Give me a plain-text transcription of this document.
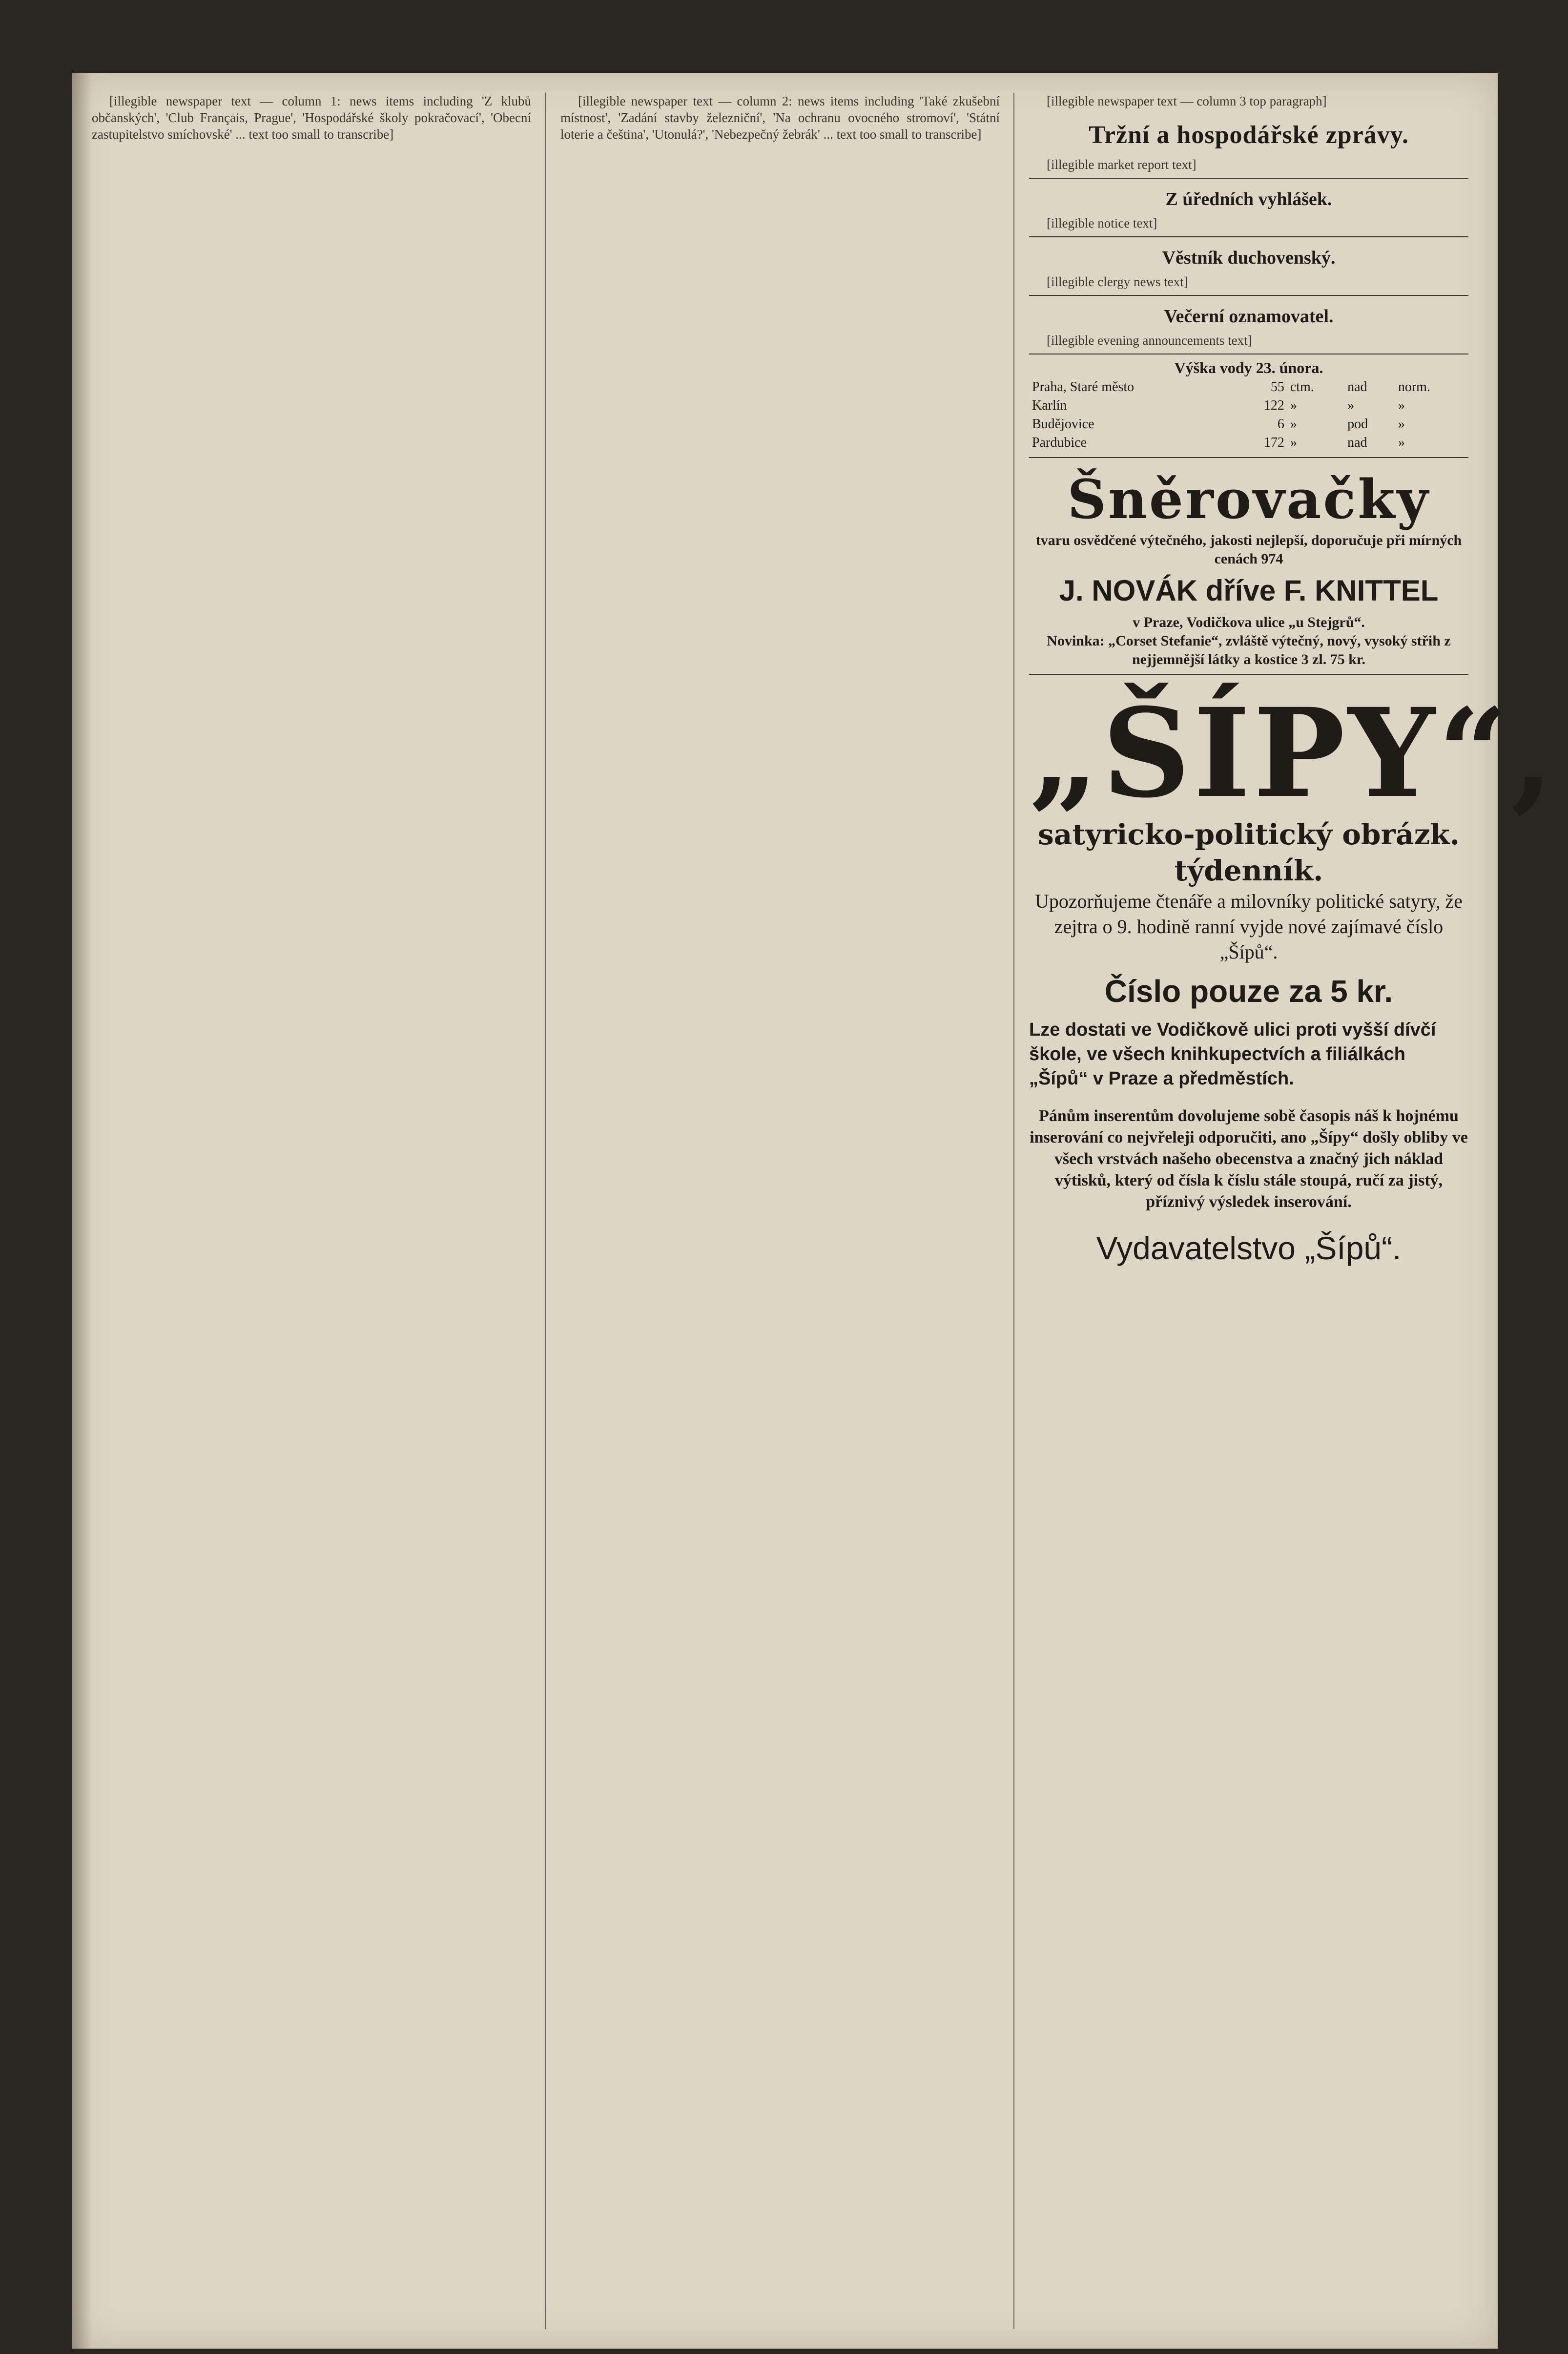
[illegible newspaper text — column 1: news items including 'Z klubů občanských', 'Club Français, Prague', 'Hospodářské školy pokračovací', 'Obecní zastupitelstvo smíchovské' ... text too small to transcribe]

[illegible newspaper text — column 2: news items including 'Také zkušební místnost', 'Zadání stavby železniční', 'Na ochranu ovocného stromoví', 'Státní loterie a čeština', 'Utonulá?', 'Nebezpečný žebrák' ... text too small to transcribe]

[illegible newspaper text — column 3 top paragraph]

Tržní a hospodářské zprávy.

[illegible market report text]

Z úředních vyhlášek.

[illegible notice text]

Věstník duchovenský.

[illegible clergy news text]

Večerní oznamovatel.

[illegible evening announcements text]

Výška vody 23. února.
Praha, Staré město	55	ctm.	nad	norm.
Karlín	122	»	»	»
Budějovice	6	»	pod	»
Pardubice	172	»	nad	»
Šněrovačky
tvaru osvědčené výtečného, jakosti nejlepší, doporučuje při mírných cenách 974
J. NOVÁK dříve F. KNITTEL
v Praze, Vodičkova ulice „u Stejgrů“.
Novinka: „Corset Stefanie“, zvláště výtečný, nový, vysoký střih z nejjemnější látky a kostice 3 zl. 75 kr.
„ŠÍPY“,
satyricko-politický obrázk. týdenník.
Upozorňujeme čtenáře a milovníky politické satyry, že zejtra o 9. hodině ranní vyjde nové zajímavé číslo „Šípů“.
Číslo pouze za 5 kr.
Lze dostati ve Vodičkově ulici proti vyšší dívčí škole, ve všech knihkupectvích a filiálkách „Šípů“ v Praze a předměstích.
Pánům inserentům dovolujeme sobě časopis náš k hojnému inserování co nejvřeleji odporučiti, ano „Šípy“ došly obliby ve všech vrstvách našeho obecenstva a značný jich náklad výtisků, který od čísla k číslu stále stoupá, ručí za jistý, příznivý výsledek inserování.
Vydavatelstvo „Šípů“.
